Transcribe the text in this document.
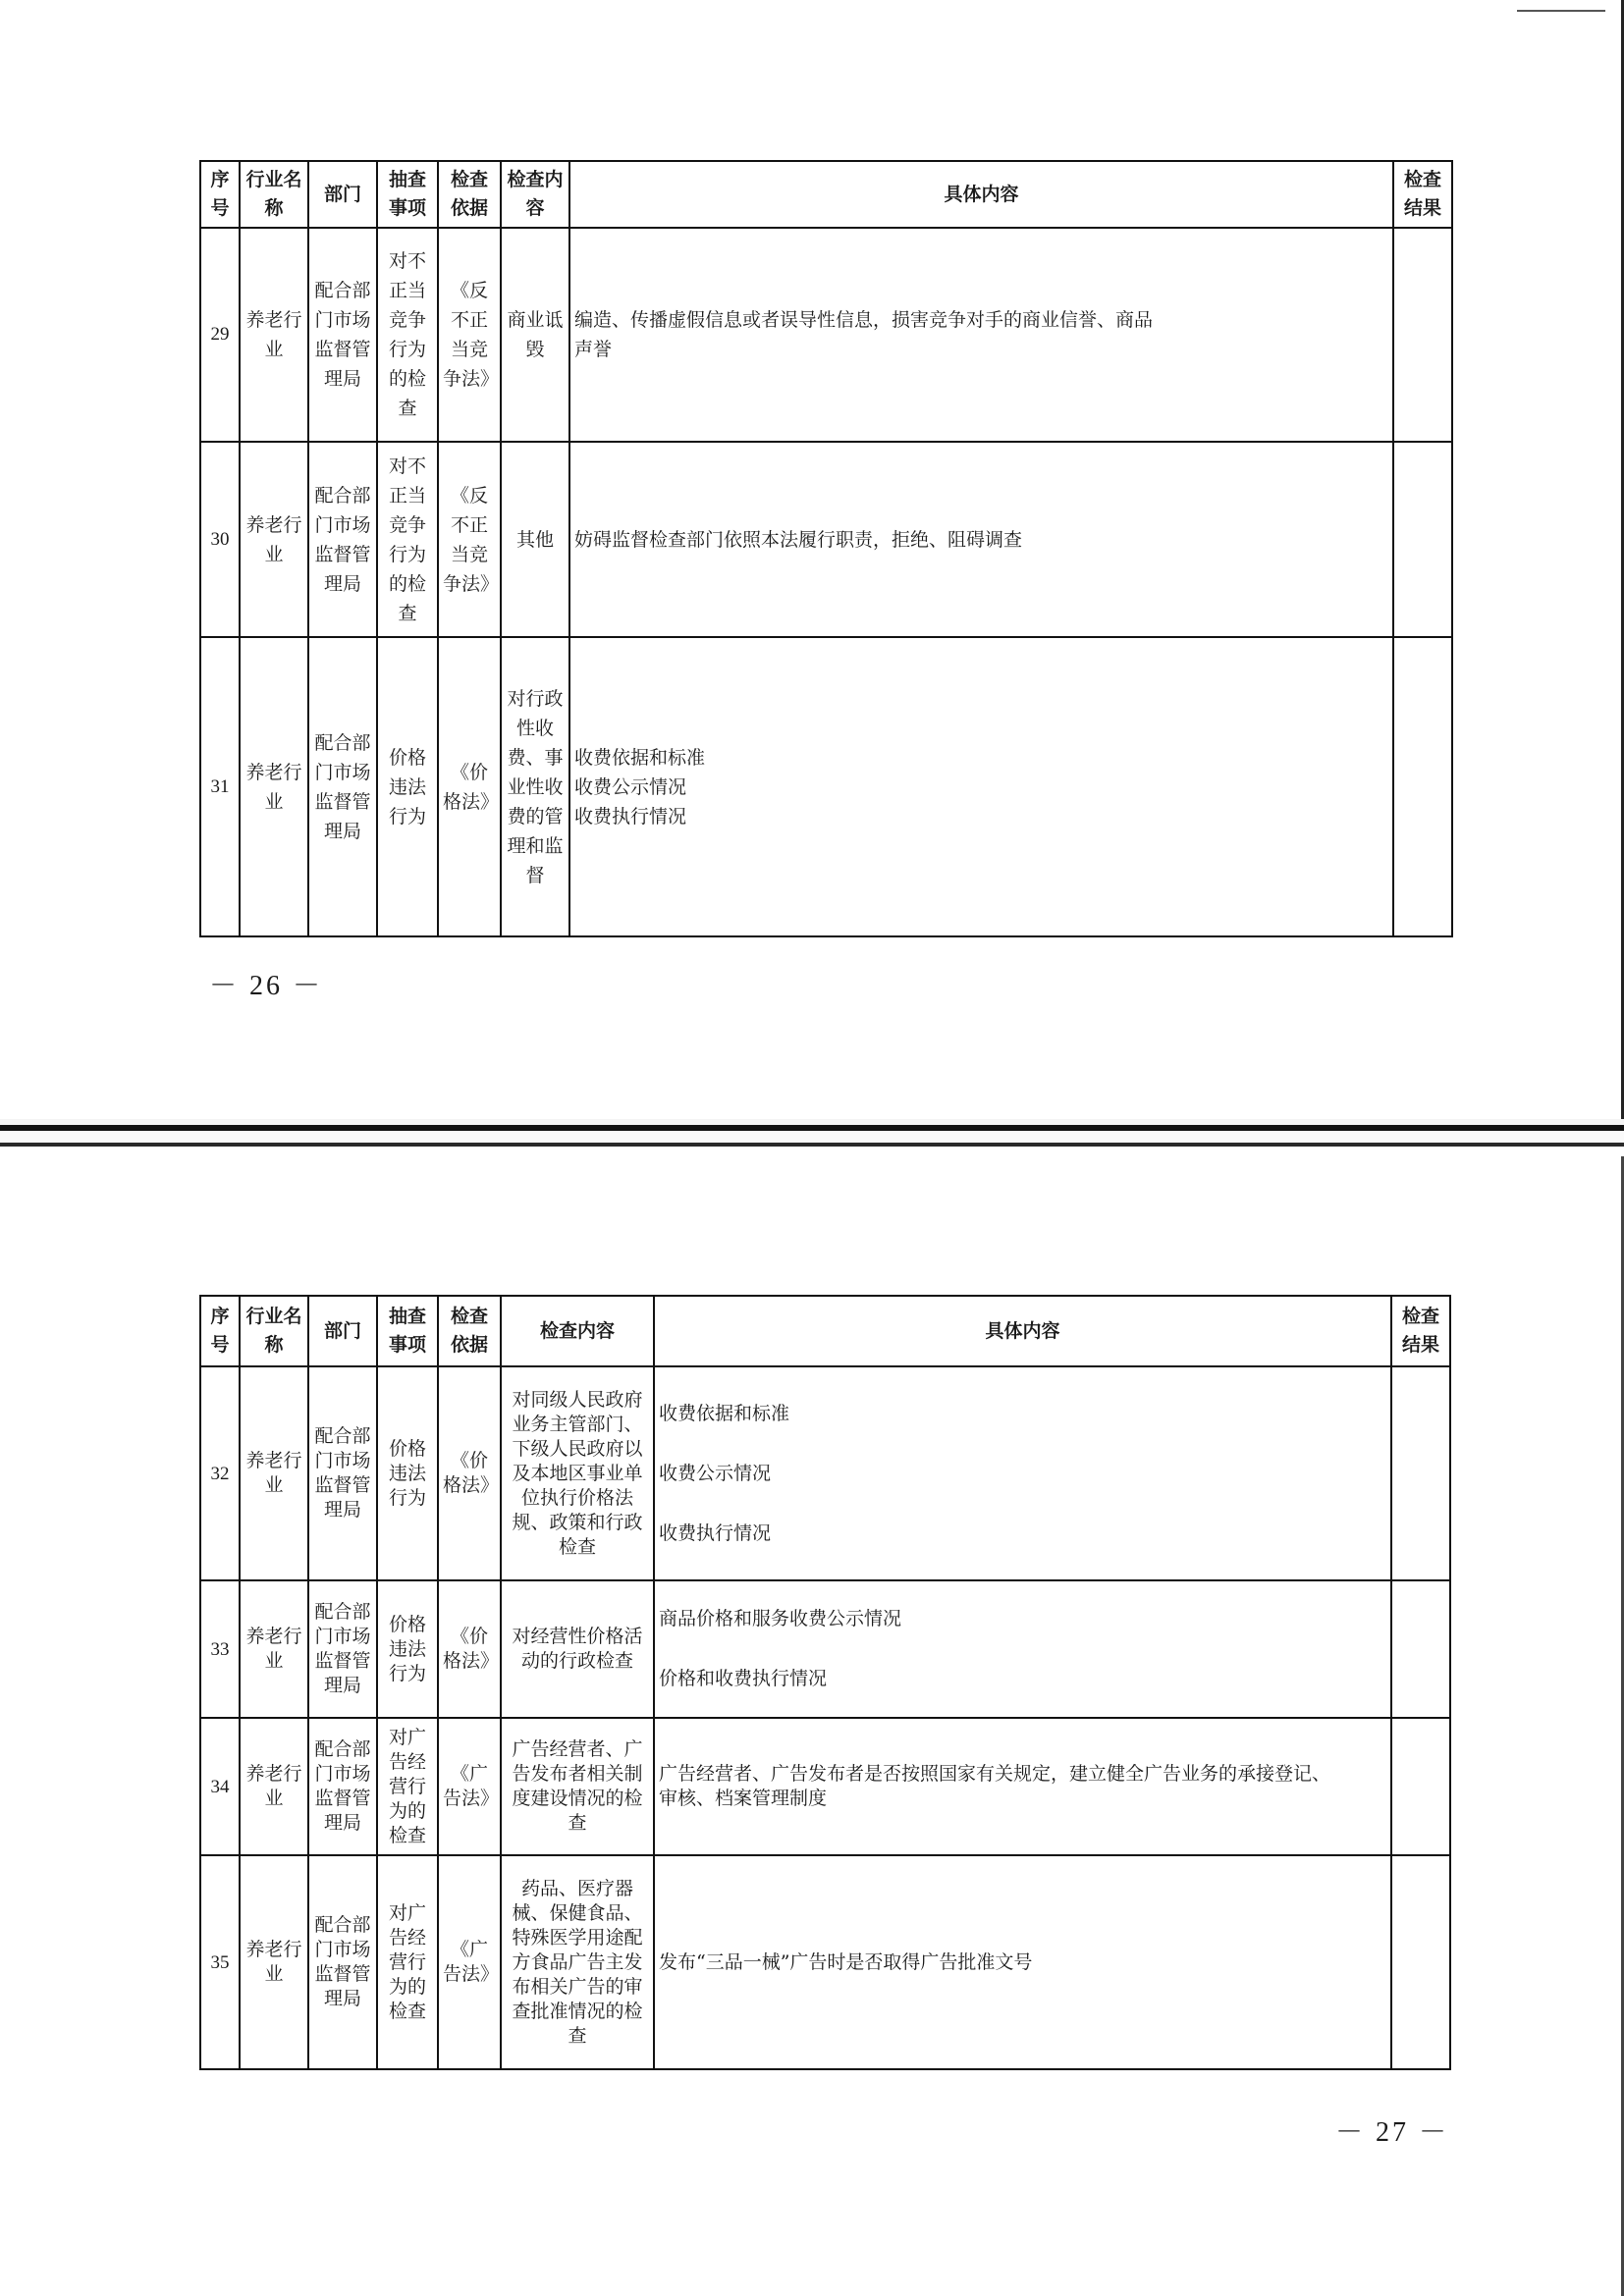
序号	行业名称	部门	抽查事项	检查依据	检查内容	具体内容	检查结果
29	养老行业	配合部门市场监督管理局	对不正当竞争行为的检查	《反不正当竞争法》	商业诋毁	编造、传播虚假信息或者误导性信息，损害竞争对手的商业信誉、商品
声誉	

30	养老行业	配合部门市场监督管理局	对不正当竞争行为的检查	《反不正当竞争法》	其他	妨碍监督检查部门依照本法履行职责，拒绝、阻碍调查	

31	养老行业	配合部门市场监督管理局	价格违法行为	《价格法》	对行政性收费、事业性收费的管理和监督	收费依据和标准
收费公示情况
收费执行情况	

－ 26 －
序号	行业名称	部门	抽查事项	检查依据	检查内容	具体内容	检查结果
32	养老行业	配合部门市场监督管理局	价格违法行为	《价格法》	对同级人民政府业务主管部门、下级人民政府以及本地区事业单位执行价格法规、政策和行政检查	收费依据和标准
收费公示情况
收费执行情况	

33	养老行业	配合部门市场监督管理局	价格违法行为	《价格法》	对经营性价格活动的行政检查	商品价格和服务收费公示情况
价格和收费执行情况	

34	养老行业	配合部门市场监督管理局	对广告经营行为的检查	《广告法》	广告经营者、广告发布者相关制度建设情况的检查	广告经营者、广告发布者是否按照国家有关规定，建立健全广告业务的承接登记、
审核、档案管理制度	

35	养老行业	配合部门市场监督管理局	对广告经营行为的检查	《广告法》	药品、医疗器械、保健食品、特殊医学用途配方食品广告主发布相关广告的审查批准情况的检查	发布“三品一械”广告时是否取得广告批准文号	

－ 27 －
